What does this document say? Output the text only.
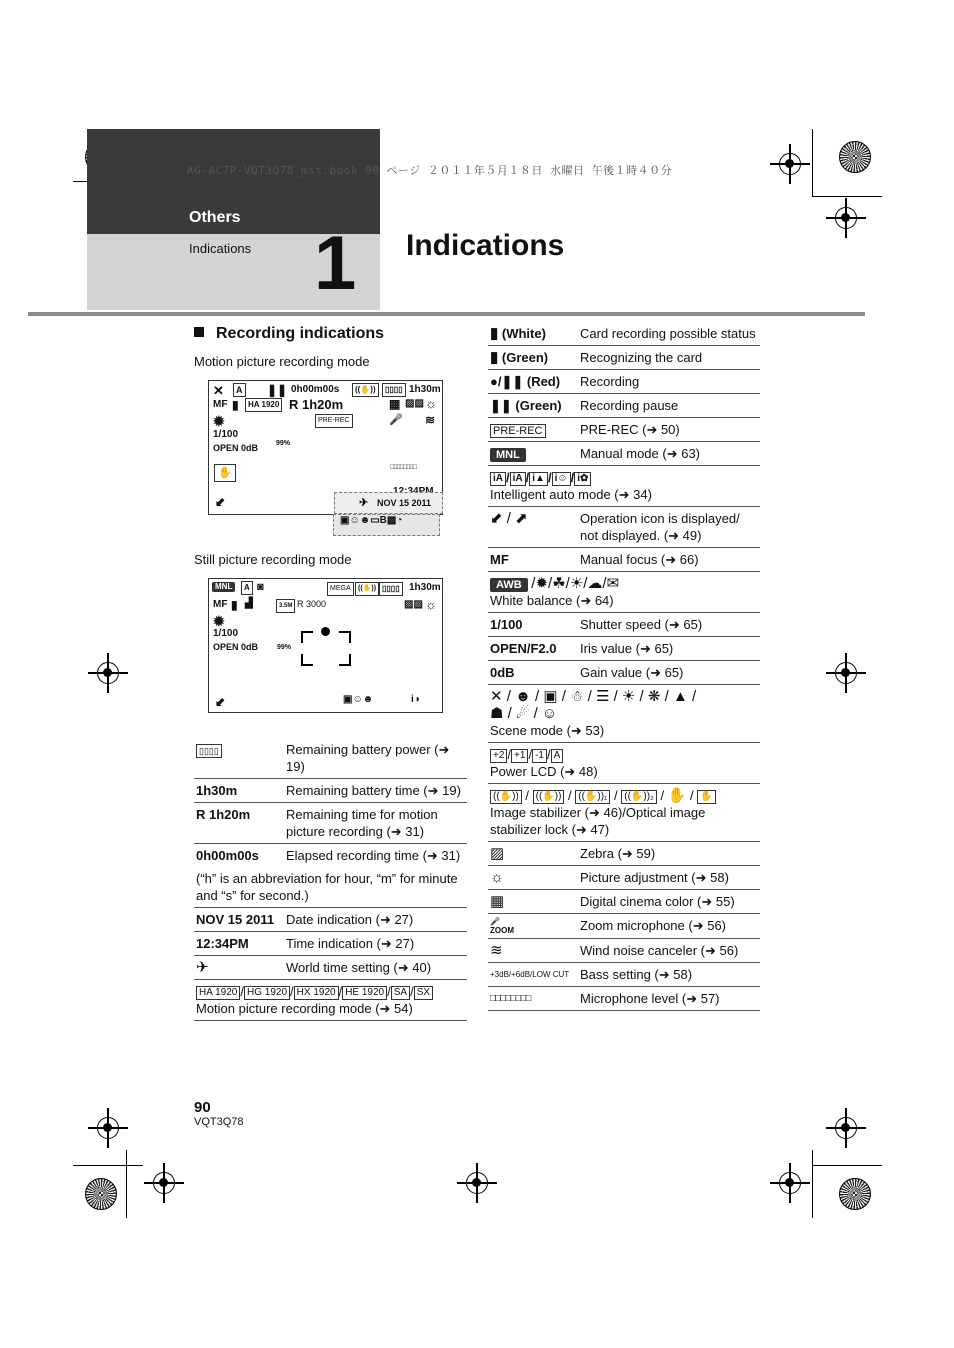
AG-AC7P-VQT3Q78_mst.book 90 ページ ２０１１年５月１８日 水曜日 午後１時４０分
Others
Indications 1 Indications
Recording indications
Motion picture recording mode
✕	A ❚❚ 0h00m00s	((✋))	▯▯▯▯ 1h30m
MF ▮	HA 1920 R 1h20m	▦ ▨▨ ☼
PRE-REC	🎤 ≋
✹
1/100
OPEN 0dB	99%
✋	□□□□□□□□
⬋	✈ NOV 15 2011
▣☺☻▭B▩◔
Still picture recording mode
MNL	A ◙	MEGA	((✋)) ▯▯▯▯ 1h30m
MF ▮ ▟	3.5M R 3000	▨▨ ☼
✹
1/100
OPEN 0dB	99%
⬋	▣☺☻	i◑
▯▯▯▯	Remaining battery power (➜ 19)
1h30m	Remaining battery time (➜ 19)
R 1h20m	Remaining time for motion picture recording (➜ 31)
0h00m00s	Elapsed recording time (➜ 31)
(“h” is an abbreviation for hour, “m” for minute and “s” for second.)	
NOV 15 2011	Date indication (➜ 27)
12:34PM	Time indication (➜ 27)
✈	World time setting (➜ 40)
HA 1920 / HG 1920 / HX 1920 / HE 1920 / SA / SX
Motion picture recording mode (➜ 54)	
▮ (White)	Card recording possible status
▮ (Green)	Recognizing the card
●/❚❚ (Red)	Recording
❚❚ (Green)	Recording pause
PRE-REC	PRE-REC (➜ 50)
MNL	Manual mode (➜ 63)
iA / iA / i▲ / i☺ / i✿
Intelligent auto mode (➜ 34)	
⬋ / ⬈	Operation icon is displayed/ not displayed. (➜ 49)
MF	Manual focus (➜ 66)
AWB /✹/☘/☀/☁/✉
White balance (➜ 64)	
1/100	Shutter speed (➜ 65)
OPEN/F2.0	Iris value (➜ 65)
0dB	Gain value (➜ 65)
✕ / ☻ / ▣ / ☃ / ☰ / ☀ / ❋ / ▲ /
☗ / ☄ / ☺
Scene mode (➜ 53)	
+2 / +1 / -1 / A
Power LCD (➜ 48)	
((✋)) / ((✋)) / ((✋))₁ / ((✋))₂ / ✋ / ✋
Image stabilizer (➜ 46)/Optical image stabilizer lock (➜ 47)	
▨	Zebra (➜ 59)
☼	Picture adjustment (➜ 58)
▦	Digital cinema color (➜ 55)
🎤
ZOOM	Zoom microphone (➜ 56)
≋	Wind noise canceler (➜ 56)
+3dB/+6dB/LOW CUT	Bass setting (➜ 58)
□□□□□□□□	Microphone level (➜ 57)
90
VQT3Q78
